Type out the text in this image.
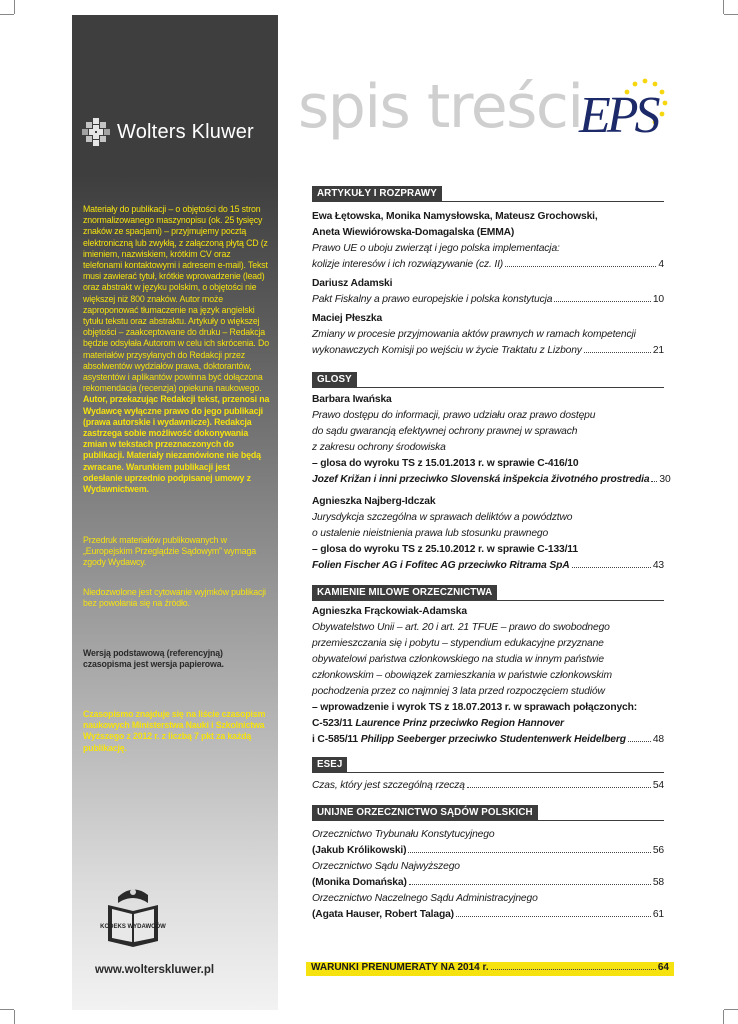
Wolters Kluwer
Materiały do publikacji – o objętości do 15 stron znormalizowanego maszynopisu (ok. 25 tysięcy znaków ze spacjami) – przyjmujemy pocztą elektroniczną lub zwykłą, z załączoną płytą CD (z imieniem, nazwiskiem, krótkim CV oraz telefonami kontaktowymi i adresem e-mail). Tekst musi zawierać tytuł, krótkie wprowadzenie (lead) oraz abstrakt w języku polskim, o objętości nie większej niż 800 znaków. Autor może zaproponować tłumaczenie na język angielski tytułu tekstu oraz abstraktu. Artykuły o większej objętości – zaakceptowane do druku – Redakcja będzie odsyłała Autorom w celu ich skrócenia. Do materiałów przysyłanych do Redakcji przez absolwentów wydziałów prawa, doktorantów, asystentów i aplikantów powinna być dołączona rekomendacja (recenzja) opiekuna naukowego. Autor, przekazując Redakcji tekst, przenosi na Wydawcę wyłączne prawo do jego publikacji (prawa autorskie i wydawnicze). Redakcja zastrzega sobie możliwość dokonywania zmian w tekstach przeznaczonych do publikacji. Materiały niezamówione nie będą zwracane. Warunkiem publikacji jest odesłanie uprzednio podpisanej umowy z Wydawnictwem.
Przedruk materiałów publikowanych w „Europejskim Przeglądzie Sądowym” wymaga zgody Wydawcy.
Niedozwolone jest cytowanie wyjmków publikacji bez powołania się na źródło.
Wersją podstawową (referencyjną) czasopisma jest wersja papierowa.
Czasopismo znajduje się na liście czasopism naukowych Ministerstwa Nauki i Szkolnictwa Wyższego z 2012 r. z liczbą 7 pkt za każdą publikację.
KODEKS WYDAWCÓW
www.wolterskluwer.pl
spis treści
EPS
ARTYKUŁY I ROZPRAWY
Ewa Łętowska, Monika Namysłowska, Mateusz Grochowski,
Aneta Wiewiórowska-Domagalska (EMMA)
Prawo UE o uboju zwierząt i jego polska implementacja:
kolizje interesów i ich rozwiązywanie (cz. II)	4
Dariusz Adamski
Pakt Fiskalny a prawo europejskie i polska konstytucja	10
Maciej Płeszka
Zmiany w procesie przyjmowania aktów prawnych w ramach kompetencji
wykonawczych Komisji po wejściu w życie Traktatu z Lizbony	21
GLOSY
Barbara Iwańska
Prawo dostępu do informacji, prawo udziału oraz prawo dostępu
do sądu gwarancją efektywnej ochrony prawnej w sprawach
z zakresu ochrony środowiska
– glosa do wyroku TS z 15.01.2013 r. w sprawie C-416/10
Jozef Križan i inni przeciwko Slovenská inšpekcia životného prostredia 30
Agnieszka Najberg-Idczak
Jurysdykcja szczególna w sprawach deliktów a powództwo
o ustalenie nieistnienia prawa lub stosunku prawnego
– glosa do wyroku TS z 25.10.2012 r. w sprawie C-133/11
Folien Fischer AG i Fofitec AG przeciwko Ritrama SpA	43
KAMIENIE MILOWE ORZECZNICTWA
Agnieszka Frąckowiak-Adamska
Obywatelstwo Unii – art. 20 i art. 21 TFUE – prawo do swobodnego
przemieszczania się i pobytu – stypendium edukacyjne przyznane
obywatelowi państwa członkowskiego na studia w innym państwie
członkowskim – obowiązek zamieszkania w państwie członkowskim
pochodzenia przez co najmniej 3 lata przed rozpoczęciem studiów
– wprowadzenie i wyrok TS z 18.07.2013 r. w sprawach połączonych:
C-523/11 Laurence Prinz przeciwko Region Hannover
i C-585/11 Philipp Seeberger przeciwko Studentenwerk Heidelberg	48
ESEJ
Czas, który jest szczególną rzeczą	54
UNIJNE ORZECZNICTWO SĄDÓW POLSKICH
Orzecznictwo Trybunału Konstytucyjnego
(Jakub Królikowski)	56
Orzecznictwo Sądu Najwyższego
(Monika Domańska)	58
Orzecznictwo Naczelnego Sądu Administracyjnego
(Agata Hauser, Robert Talaga)	61
WARUNKI PRENUMERATY NA 2014 r.	64
